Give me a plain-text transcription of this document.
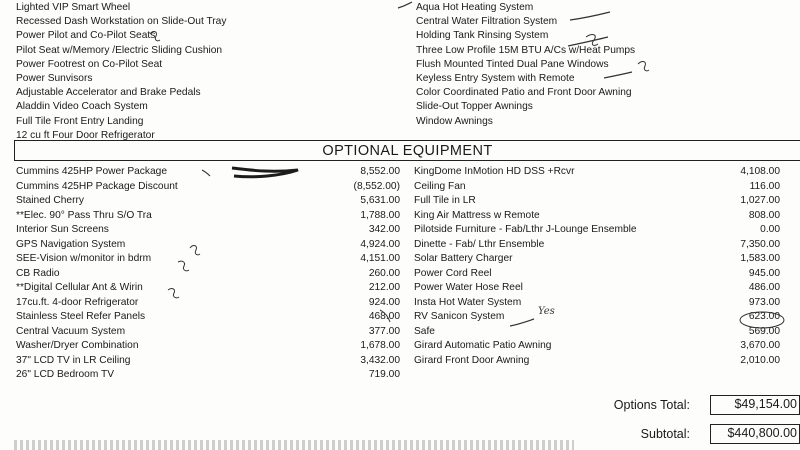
Lighted VIP Smart Wheel
Recessed Dash Workstation on Slide-Out Tray
Power Pilot and Co-Pilot Seats
Pilot Seat w/Memory /Electric Sliding Cushion
Power Footrest on Co-Pilot Seat
Power Sunvisors
Adjustable Accelerator and Brake Pedals
Aladdin Video Coach System
Full Tile Front Entry Landing
12 cu ft Four Door Refrigerator
Aqua Hot Heating System
Central Water Filtration System
Holding Tank Rinsing System
Three Low Profile 15M BTU A/Cs w/Heat Pumps
Flush Mounted Tinted Dual Pane Windows
Keyless Entry System with Remote
Color Coordinated Patio and Front Door Awning
Slide-Out Topper Awnings
Window Awnings
OPTIONAL EQUIPMENT
Cummins 425HP Power Package	8,552.00
Cummins 425HP Package Discount	(8,552.00)
Stained Cherry	5,631.00
**Elec. 90° Pass Thru S/O Tra	1,788.00
Interior Sun Screens	342.00
GPS Navigation System	4,924.00
SEE-Vision w/monitor in bdrm	4,151.00
CB Radio	260.00
**Digital Cellular Ant & Wirin	212.00
17cu.ft. 4-door Refrigerator	924.00
Stainless Steel Refer Panels	468.00
Central Vacuum System	377.00
Washer/Dryer Combination	1,678.00
37" LCD TV in LR Ceiling	3,432.00
26" LCD Bedroom TV	719.00
KingDome InMotion HD DSS +Rcvr	4,108.00
Ceiling Fan	116.00
Full Tile in LR	1,027.00
King Air Mattress w Remote	808.00
Pilotside Furniture - Fab/Lthr J-Lounge Ensemble	0.00
Dinette - Fab/ Lthr Ensemble	7,350.00
Solar Battery Charger	1,583.00
Power Cord Reel	945.00
Power Water Hose Reel	486.00
Insta Hot Water System	973.00
RV Sanicon System	623.00
Safe	569.00
Girard Automatic Patio Awning	3,670.00
Girard Front Door Awning	2,010.00
Options Total:	$49,154.00
Subtotal:	$440,800.00
Yes
